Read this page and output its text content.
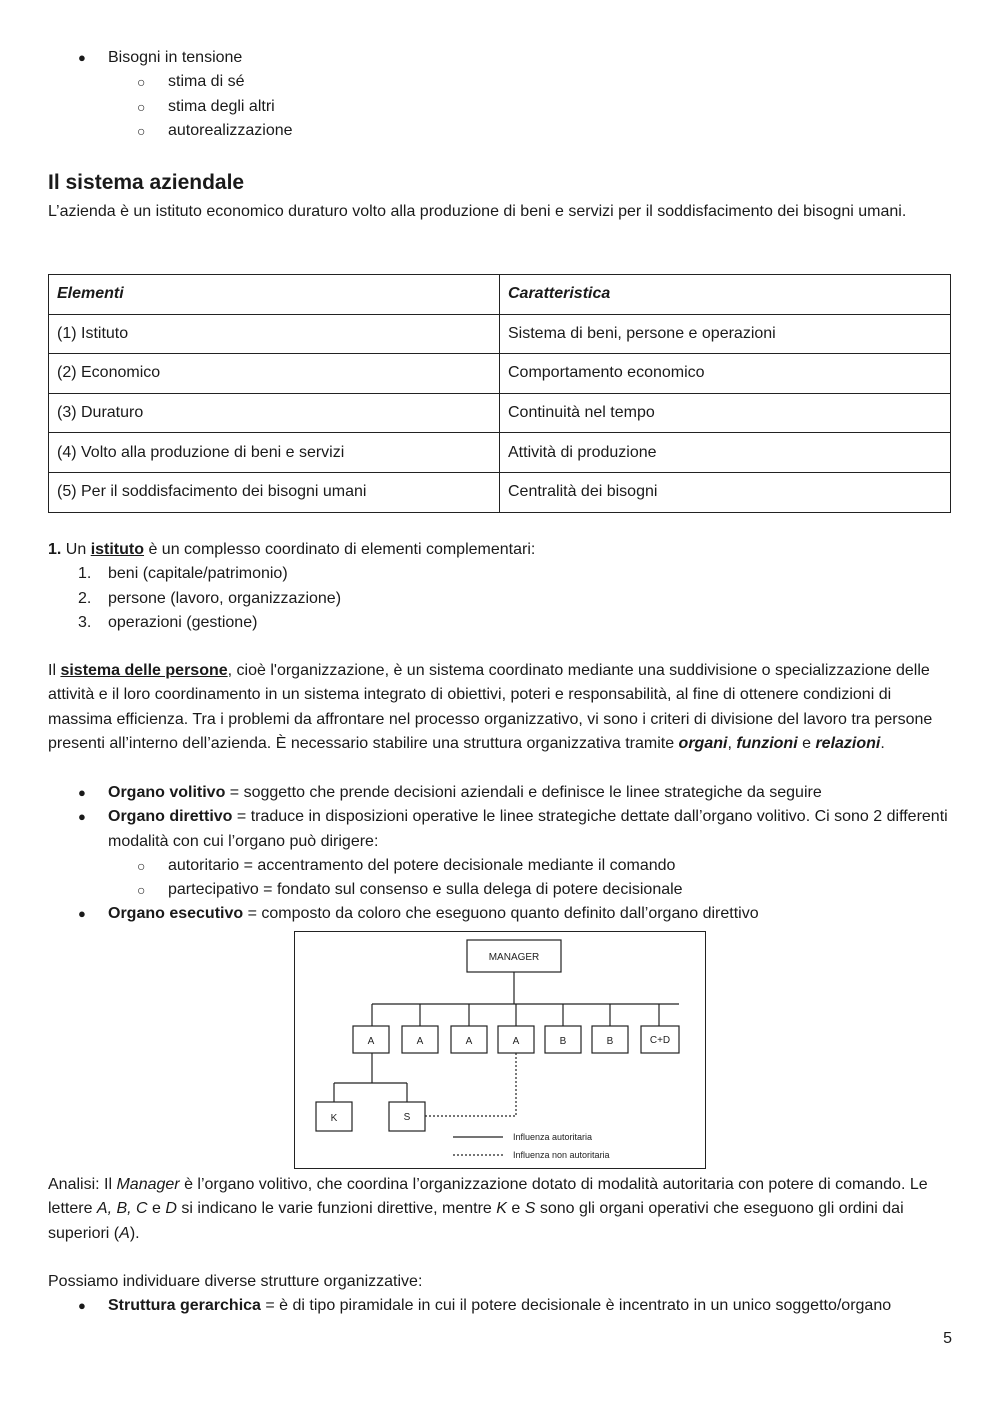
● Bisogni in tensione
○ stima di sé
○ stima degli altri
○ autorealizzazione
Il sistema aziendale
L’azienda è un istituto economico duraturo volto alla produzione di beni e servizi per il soddisfacimento dei bisogni umani.
Elementi	Caratteristica
(1) Istituto	Sistema di beni, persone e operazioni
(2) Economico	Comportamento economico
(3) Duraturo	Continuità nel tempo
(4) Volto alla produzione di beni e servizi	Attività di produzione
(5) Per il soddisfacimento dei bisogni umani	Centralità dei bisogni
1. Un istituto è un complesso coordinato di elementi complementari:
1. beni (capitale/patrimonio)
2. persone (lavoro, organizzazione)
3. operazioni (gestione)
Il sistema delle persone, cioè l'organizzazione, è un sistema coordinato mediante una suddivisione o specializzazione delle attività e il loro coordinamento in un sistema integrato di obiettivi, poteri e responsabilità, al fine di ottenere condizioni di massima efficienza. Tra i problemi da affrontare nel processo organizzativo, vi sono i criteri di divisione del lavoro tra persone presenti all’interno dell’azienda. È necessario stabilire una struttura organizzativa tramite organi, funzioni e relazioni.
● Organo volitivo = soggetto che prende decisioni aziendali e definisce le linee strategiche da seguire
● Organo direttivo = traduce in disposizioni operative le linee strategiche dettate dall’organo volitivo. Ci sono 2 differenti modalità con cui l’organo può dirigere:
○ autoritario = accentramento del potere decisionale mediante il comando
○ partecipativo = fondato sul consenso e sulla delega di potere decisionale
● Organo esecutivo = composto da coloro che eseguono quanto definito dall’organo direttivo
Analisi: Il Manager è l’organo volitivo, che coordina l’organizzazione dotato di modalità autoritaria con potere di comando. Le lettere A, B, C e D si indicano le varie funzioni direttive, mentre K e S sono gli organi operativi che eseguono gli ordini dai superiori (A).
Possiamo individuare diverse strutture organizzative:
● Struttura gerarchica = è di tipo piramidale in cui il potere decisionale è incentrato in un unico soggetto/organo
MANAGER
A	A	A	A	B	B	C+D
K	S
Influenza autoritaria
Influenza non autoritaria
5
